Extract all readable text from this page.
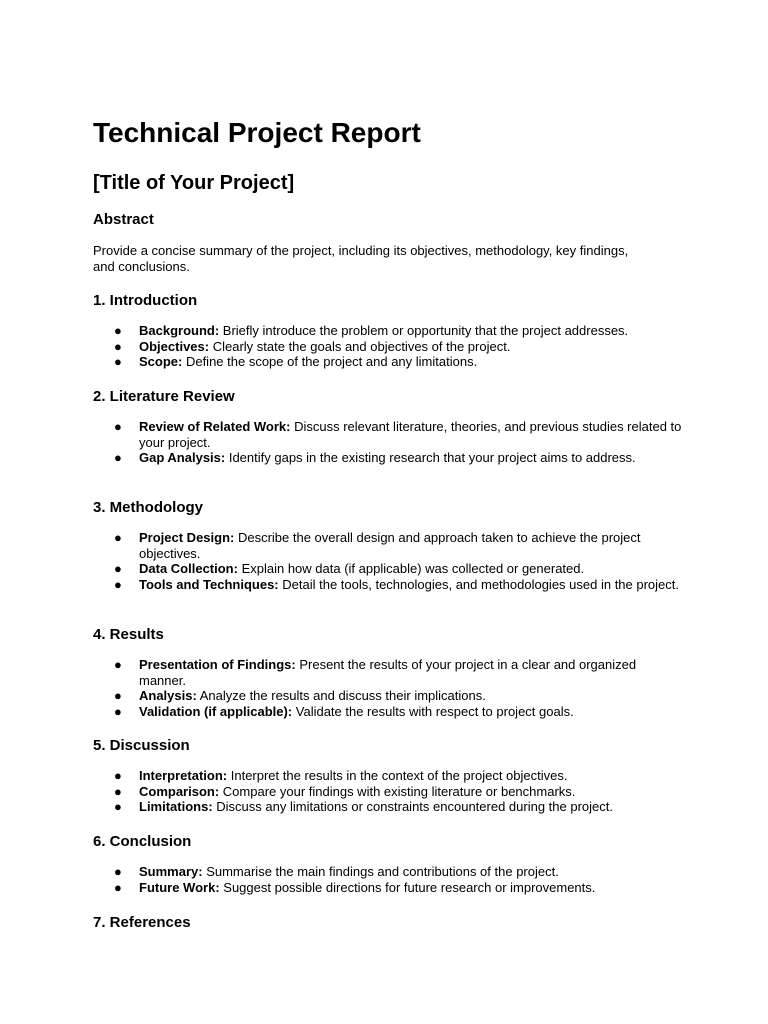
Technical Project Report
[Title of Your Project]
Abstract

Provide a concise summary of the project, including its objectives, methodology, key findings, and conclusions.

1. Introduction
● Background: Briefly introduce the problem or opportunity that the project addresses.
● Objectives: Clearly state the goals and objectives of the project.
● Scope: Define the scope of the project and any limitations.
2. Literature Review
● Review of Related Work: Discuss relevant literature, theories, and previous studies related to your project.
● Gap Analysis: Identify gaps in the existing research that your project aims to address.
3. Methodology
● Project Design: Describe the overall design and approach taken to achieve the project objectives.
● Data Collection: Explain how data (if applicable) was collected or generated.
● Tools and Techniques: Detail the tools, technologies, and methodologies used in the project.
4. Results
● Presentation of Findings: Present the results of your project in a clear and organized manner.
● Analysis: Analyze the results and discuss their implications.
● Validation (if applicable): Validate the results with respect to project goals.
5. Discussion
● Interpretation: Interpret the results in the context of the project objectives.
● Comparison: Compare your findings with existing literature or benchmarks.
● Limitations: Discuss any limitations or constraints encountered during the project.
6. Conclusion
● Summary: Summarise the main findings and contributions of the project.
● Future Work: Suggest possible directions for future research or improvements.
7. References
